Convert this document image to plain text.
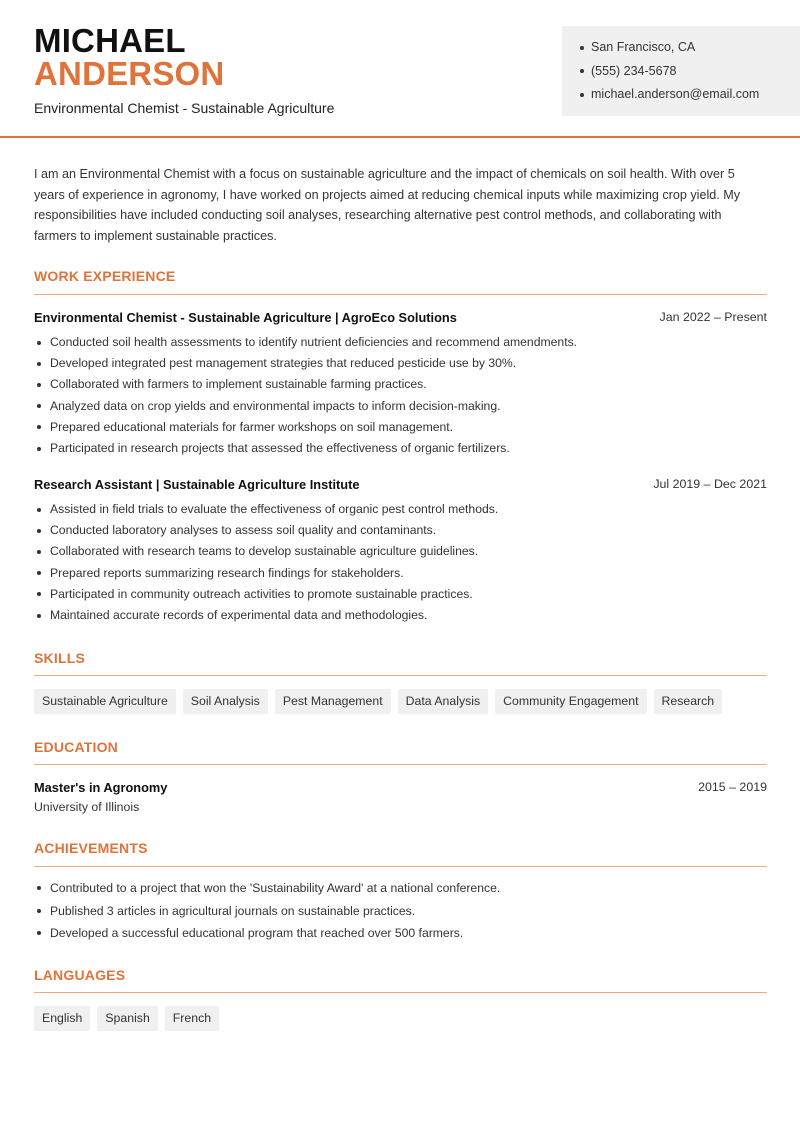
MICHAEL
ANDERSON
Environmental Chemist - Sustainable Agriculture
San Francisco, CA
(555) 234-5678
michael.anderson@email.com

I am an Environmental Chemist with a focus on sustainable agriculture and the impact of chemicals on soil health. With over 5 years of experience in agronomy, I have worked on projects aimed at reducing chemical inputs while maximizing crop yield. My responsibilities have included conducting soil analyses, researching alternative pest control methods, and collaborating with farmers to implement sustainable practices.

WORK EXPERIENCE
Environmental Chemist - Sustainable Agriculture | AgroEco Solutions	Jan 2022 – Present
Conducted soil health assessments to identify nutrient deficiencies and recommend amendments.
Developed integrated pest management strategies that reduced pesticide use by 30%.
Collaborated with farmers to implement sustainable farming practices.
Analyzed data on crop yields and environmental impacts to inform decision-making.
Prepared educational materials for farmer workshops on soil management.
Participated in research projects that assessed the effectiveness of organic fertilizers.
Research Assistant | Sustainable Agriculture Institute	Jul 2019 – Dec 2021
Assisted in field trials to evaluate the effectiveness of organic pest control methods.
Conducted laboratory analyses to assess soil quality and contaminants.
Collaborated with research teams to develop sustainable agriculture guidelines.
Prepared reports summarizing research findings for stakeholders.
Participated in community outreach activities to promote sustainable practices.
Maintained accurate records of experimental data and methodologies.
SKILLS
Sustainable Agriculture	Soil Analysis	Pest Management	Data Analysis	Community Engagement	Research
EDUCATION
Master's in Agronomy	2015 – 2019
University of Illinois
ACHIEVEMENTS
Contributed to a project that won the 'Sustainability Award' at a national conference.
Published 3 articles in agricultural journals on sustainable practices.
Developed a successful educational program that reached over 500 farmers.
LANGUAGES
English	Spanish	French
